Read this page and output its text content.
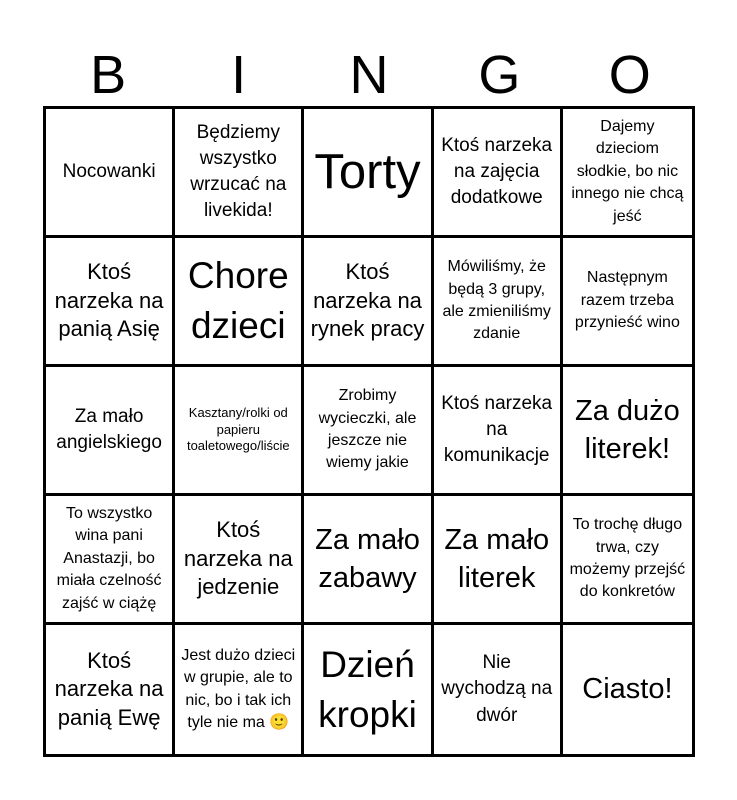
B	I	N	G	O
Nocowanki
Będziemy wszystko wrzucać na livekida!
Torty Ktoś narzeka na zajęcia dodatkowe
Dajemy dzieciom słodkie, bo nic innego nie chcą jeść
Ktoś narzeka na panią Asię
Chore dzieci
Ktoś narzeka na rynek pracy
Mówiliśmy, że będą 3 grupy, ale zmieniliśmy zdanie
Następnym razem trzeba przynieść wino
Za mało angielskiego
Kasztany/rolki od papieru toaletowego/liście
Zrobimy wycieczki, ale jeszcze nie wiemy jakie
Ktoś narzeka na komunikacje
Za dużo literek!
To wszystko wina pani Anastazji, bo miała czelność zajść w ciążę
Ktoś narzeka na jedzenie
Za mało zabawy
Za mało literek
To trochę długo trwa, czy możemy przejść do konkretów
Ktoś narzeka na panią Ewę
Jest dużo dzieci w grupie, ale to nic, bo i tak ich tyle nie ma 🙂
Dzień kropki
Nie wychodzą na dwór
Ciasto!
